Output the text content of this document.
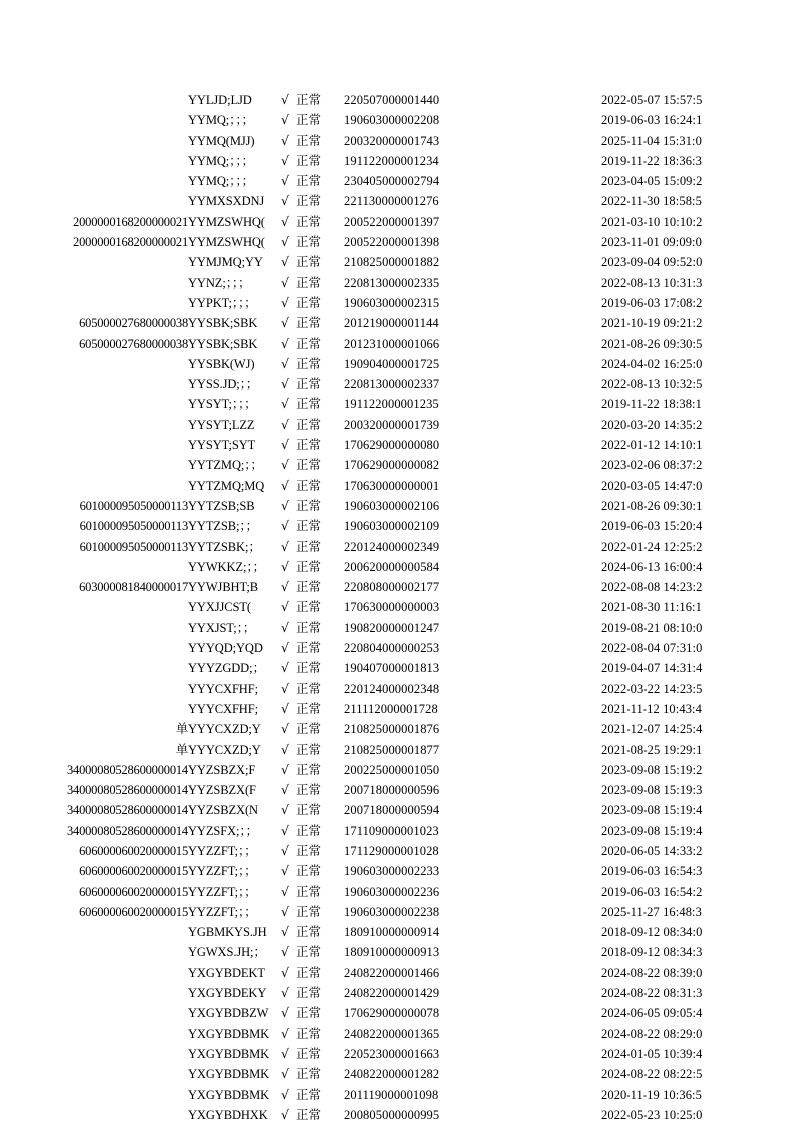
	YYLJD;LJD	√	正常	220507000001440		2022-05-07 15:57:5
	YYMQ;；；；	√	正常	190603000002208		2019-06-03 16:24:1
	YYMQ(MJJ)	√	正常	200320000001743		2025-11-04 15:31:0
	YYMQ;；；；	√	正常	191122000001234		2019-11-22 18:36:3
	YYMQ;；；；	√	正常	230405000002794		2023-04-05 15:09:2
	YYMXSXDNJ	√	正常	221130000001276		2022-11-30 18:58:5
2000000168200000021	YYMZSWHQ(	√	正常	200522000001397		2021-03-10 10:10:2
2000000168200000021	YYMZSWHQ(	√	正常	200522000001398		2023-11-01 09:09:0
	YYMJMQ;YY	√	正常	210825000001882		2023-09-04 09:52:0
	YYNZ;；；；	√	正常	220813000002335		2022-08-13 10:31:3
	YYPKT;；；；	√	正常	190603000002315		2019-06-03 17:08:2
605000027680000038	YYSBK;SBK	√	正常	201219000001144		2021-10-19 09:21:2
605000027680000038	YYSBK;SBK	√	正常	201231000001066		2021-08-26 09:30:5
	YYSBK(WJ)	√	正常	190904000001725		2024-04-02 16:25:0
	YYSS.JD;；；	√	正常	220813000002337		2022-08-13 10:32:5
	YYSYT;；；；	√	正常	191122000001235		2019-11-22 18:38:1
	YYSYT;LZZ	√	正常	200320000001739		2020-03-20 14:35:2
	YYSYT;SYT	√	正常	170629000000080		2022-01-12 14:10:1
	YYTZMQ;；；	√	正常	170629000000082		2023-02-06 08:37:2
	YYTZMQ;MQ	√	正常	170630000000001		2020-03-05 14:47:0
601000095050000113	YYTZSB;SB	√	正常	190603000002106		2021-08-26 09:30:1
601000095050000113	YYTZSB;；；	√	正常	190603000002109		2019-06-03 15:20:4
601000095050000113	YYTZSBK;；	√	正常	220124000002349		2022-01-24 12:25:2
	YYWKKZ;；；	√	正常	200620000000584		2024-06-13 16:00:4
603000081840000017	YYWJBHT;B	√	正常	220808000002177		2022-08-08 14:23:2
	YYXJJCST(	√	正常	170630000000003		2021-08-30 11:16:1
	YYXJST;；；	√	正常	190820000001247		2019-08-21 08:10:0
	YYYQD;YQD	√	正常	220804000000253		2022-08-04 07:31:0
	YYYZGDD;；	√	正常	190407000001813		2019-04-07 14:31:4
	YYYCXFHF;	√	正常	220124000002348		2022-03-22 14:23:5
	YYYCXFHF;	√	正常	211112000001728		2021-11-12 10:43:4
单	YYYCXZD;Y	√	正常	210825000001876		2021-12-07 14:25:4
单	YYYCXZD;Y	√	正常	210825000001877		2021-08-25 19:29:1
34000080528600000014	YYZSBZX;F	√	正常	200225000001050		2023-09-08 15:19:2
34000080528600000014	YYZSBZX(F	√	正常	200718000000596		2023-09-08 15:19:3
34000080528600000014	YYZSBZX(N	√	正常	200718000000594		2023-09-08 15:19:4
34000080528600000014	YYZSFX;；；	√	正常	171109000001023		2023-09-08 15:19:4
606000060020000015	YYZZFT;；；	√	正常	171129000001028		2020-06-05 14:33:2
606000060020000015	YYZZFT;；；	√	正常	190603000002233		2019-06-03 16:54:3
606000060020000015	YYZZFT;；；	√	正常	190603000002236		2019-06-03 16:54:2
606000060020000015	YYZZFT;；；	√	正常	190603000002238		2025-11-27 16:48:3
	YGBMKYS.JH	√	正常	180910000000914		2018-09-12 08:34:0
	YGWXS.JH;；	√	正常	180910000000913		2018-09-12 08:34:3
	YXGYBDEKT	√	正常	240822000001466		2024-08-22 08:39:0
	YXGYBDEKY	√	正常	240822000001429		2024-08-22 08:31:3
	YXGYBDBZW	√	正常	170629000000078		2024-06-05 09:05:4
	YXGYBDBMK	√	正常	240822000001365		2024-08-22 08:29:0
	YXGYBDBMK	√	正常	220523000001663		2024-01-05 10:39:4
	YXGYBDBMK	√	正常	240822000001282		2024-08-22 08:22:5
	YXGYBDBMK	√	正常	201119000001098		2020-11-19 10:36:5
	YXGYBDHXK	√	正常	200805000000995		2022-05-23 10:25:0
